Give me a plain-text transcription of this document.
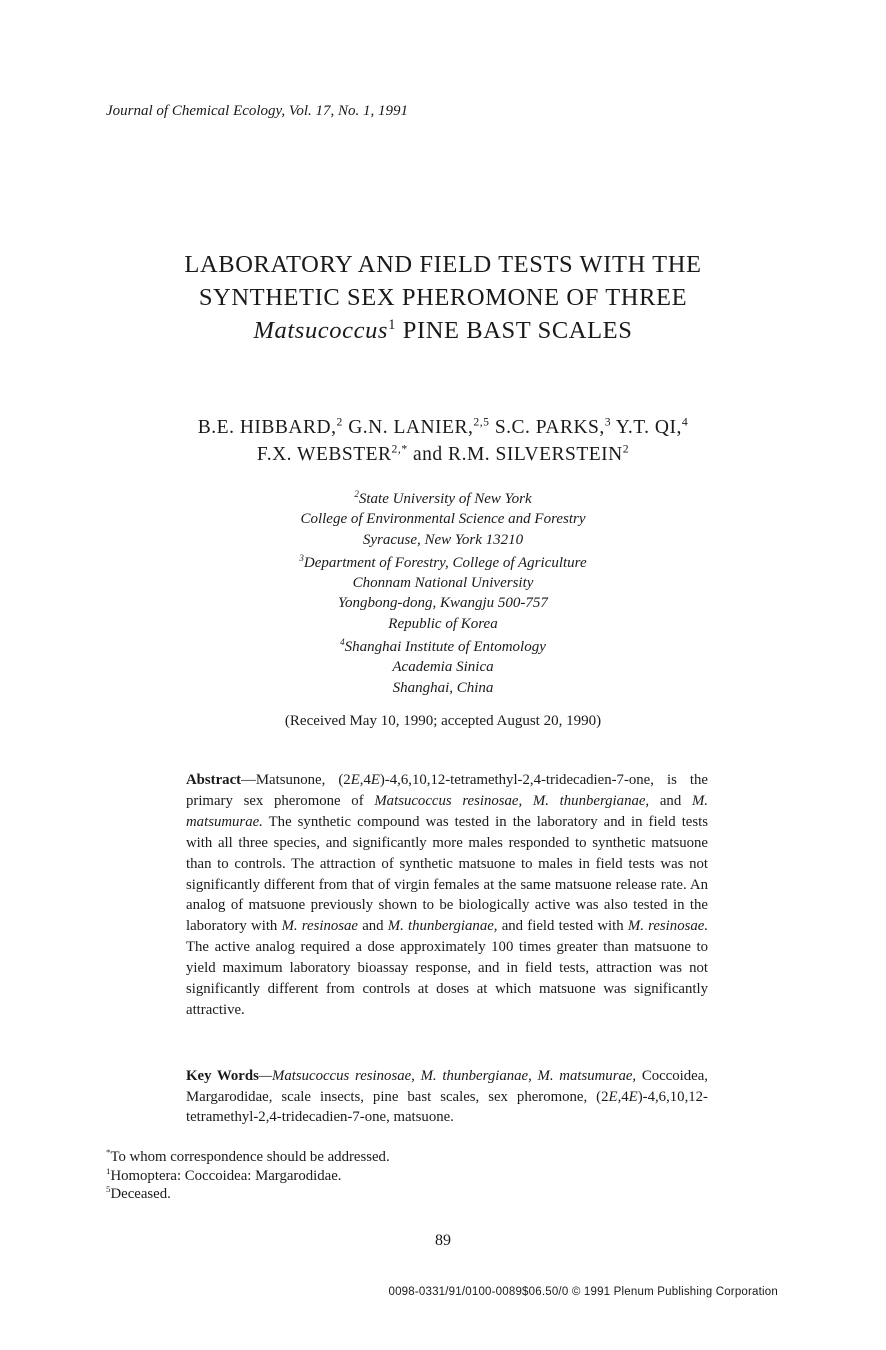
Journal of Chemical Ecology, Vol. 17, No. 1, 1991
LABORATORY AND FIELD TESTS WITH THE
SYNTHETIC SEX PHEROMONE OF THREE
Matsucoccus$^1$ PINE BAST SCALES
B.E. HIBBARD,$^2$ G.N. LANIER,$^{2,5}$ S.C. PARKS,$^3$ Y.T. QI,$^4$
F.X. $WEBSTER^{2,*}$ and R.M. SILVERSTEIN$^2$
$^2$State University of New York
College of Environmental Science and Forestry
Syracuse, New York 13210
$^3$Department of Forestry, College of Agriculture
Chonnam National University
Yongbong-dong, Kwangju 500-757
Republic of Korea
$^4$Shanghai Institute of Entomology
Academia Sinica
Shanghai, China
(Received May 10, 1990; accepted August 20, 1990)
Abstract—Matsunone, (2E,4E)-4,6,10,12-tetramethyl-2,4-tridecadien-7-one, is the primary sex pheromone of Matsucoccus resinosae, M. thunbergianae, and M. matsumurae. The synthetic compound was tested in the laboratory and in field tests with all three species, and significantly more males responded to synthetic matsuone than to controls. The attraction of synthetic matsuone to males in field tests was not significantly different from that of virgin females at the same matsuone release rate. An analog of matsuone previously shown to be biologically active was also tested in the laboratory with M. resinosae and M. thunbergianae, and field tested with M. resinosae. The active analog required a dose approximately 100 times greater than matsuone to yield maximum laboratory bioassay response, and in field tests, attraction was not significantly different from controls at doses at which matsuone was significantly attractive.
Key Words—Matsucoccus resinosae, M. thunbergianae, M. matsumurae, Coccoidea, Margarodidae, scale insects, pine bast scales, sex pheromone, (2E,4E)-4,6,10,12-tetramethyl-2,4-tridecadien-7-one, matsuone.
*To whom correspondence should be addressed.
$^1$Homoptera: Coccoidea: Margarodidae.
$^5$Deceased.
89
0098-0331/91/0100-0089$06.50/0 © 1991 Plenum Publishing Corporation
